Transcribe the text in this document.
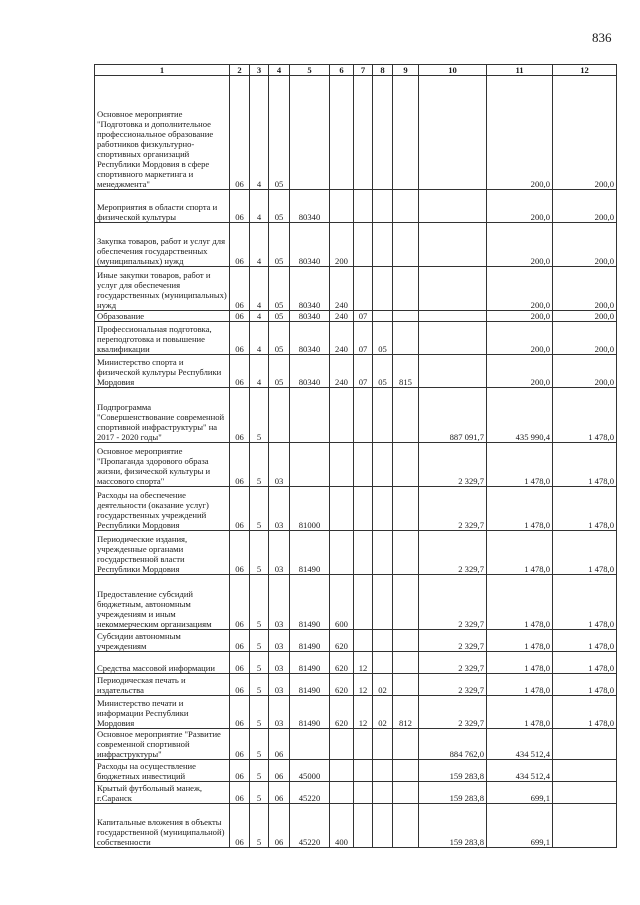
836
1	2	3	4	5	6	7	8	9	10	11	12
Основное мероприятие "Подготовка и дополнительное профессиональное образование работников физкультурно-спортивных организаций Республики Мордовия в сфере спортивного маркетинга и менеджмента"	06	4	05							200,0	200,0
Мероприятия в области спорта и физической культуры	06	4	05	80340						200,0	200,0
Закупка товаров, работ и услуг для обеспечения государственных (муниципальных) нужд	06	4	05	80340	200					200,0	200,0
Иные закупки товаров, работ и услуг для обеспечения государственных (муниципальных) нужд	06	4	05	80340	240					200,0	200,0
Образование	06	4	05	80340	240	07				200,0	200,0
Профессиональная подготовка, переподготовка и повышение квалификации	06	4	05	80340	240	07	05			200,0	200,0
Министерство спорта и физической культуры Республики Мордовия	06	4	05	80340	240	07	05	815		200,0	200,0
Подпрограмма "Совершенствование современной спортивной инфраструктуры" на 2017 - 2020 годы"	06	5							887 091,7	435 990,4	1 478,0
Основное мероприятие "Пропаганда здорового образа жизни, физической культуры и массового спорта"	06	5	03						2 329,7	1 478,0	1 478,0
Расходы на обеспечение деятельности (оказание услуг) государственных учреждений Республики Мордовия	06	5	03	81000					2 329,7	1 478,0	1 478,0
Периодические издания, учрежденные органами государственной власти Республики Мордовия	06	5	03	81490					2 329,7	1 478,0	1 478,0
Предоставление субсидий бюджетным, автономным учреждениям и иным некоммерческим организациям	06	5	03	81490	600				2 329,7	1 478,0	1 478,0
Субсидии автономным учреждениям	06	5	03	81490	620				2 329,7	1 478,0	1 478,0
Средства массовой информации	06	5	03	81490	620	12			2 329,7	1 478,0	1 478,0
Периодическая печать и издательства	06	5	03	81490	620	12	02		2 329,7	1 478,0	1 478,0
Министерство печати и информации Республики Мордовия	06	5	03	81490	620	12	02	812	2 329,7	1 478,0	1 478,0
Основное мероприятие "Развитие современной спортивной инфраструктуры"	06	5	06						884 762,0	434 512,4	
Расходы на осуществление бюджетных инвестиций	06	5	06	45000					159 283,8	434 512,4	
Крытый футбольный манеж, г.Саранск	06	5	06	45220					159 283,8	699,1	
Капитальные вложения в объекты государственной (муниципальной) собственности	06	5	06	45220	400				159 283,8	699,1	
